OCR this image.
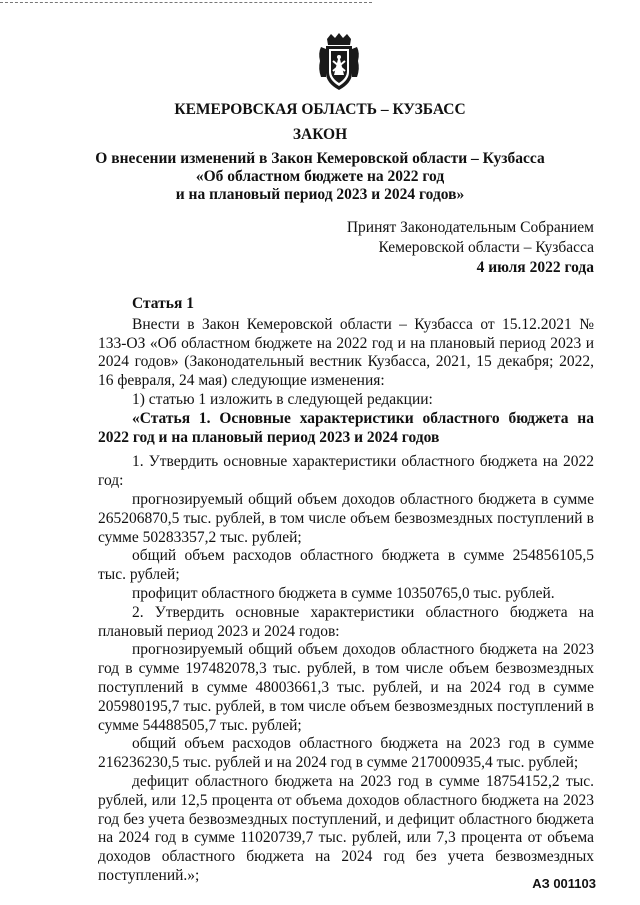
КЕМЕРОВСКАЯ ОБЛАСТЬ – КУЗБАСС
ЗАКОН
О внесении изменений в Закон Кемеровской области – Кузбасса
«Об областном бюджете на 2022 год
и на плановый период 2023 и 2024 годов»
Принят Законодательным Собранием
Кемеровской области – Кузбасса
4 июля 2022 года

Статья 1

Внести в Закон Кемеровской области – Кузбасса от 15.12.2021 № 133-ОЗ «Об областном бюджете на 2022 год и на плановый период 2023 и 2024 годов» (Законодательный вестник Кузбасса, 2021, 15 декабря; 2022, 16 февраля, 24 мая) следующие изменения:

1) статью 1 изложить в следующей редакции:

«Статья 1. Основные характеристики областного бюджета на 2022 год и на плановый период 2023 и 2024 годов

1. Утвердить основные характеристики областного бюджета на 2022 год:

прогнозируемый общий объем доходов областного бюджета в сумме 265206870,5 тыс. рублей, в том числе объем безвозмездных поступлений в сумме 50283357,2 тыс. рублей;

общий объем расходов областного бюджета в сумме 254856105,5 тыс. рублей;

профицит областного бюджета в сумме 10350765,0 тыс. рублей.

2. Утвердить основные характеристики областного бюджета на плановый период 2023 и 2024 годов:

прогнозируемый общий объем доходов областного бюджета на 2023 год в сумме 197482078,3 тыс. рублей, в том числе объем безвозмездных поступлений в сумме 48003661,3 тыс. рублей, и на 2024 год в сумме 205980195,7 тыс. рублей, в том числе объем безвозмездных поступлений в сумме 54488505,7 тыс. рублей;

общий объем расходов областного бюджета на 2023 год в сумме 216236230,5 тыс. рублей и на 2024 год в сумме 217000935,4 тыс. рублей;

дефицит областного бюджета на 2023 год в сумме 18754152,2 тыс. рублей, или 12,5 процента от объема доходов областного бюджета на 2023 год без учета безвозмездных поступлений, и дефицит областного бюджета на 2024 год в сумме 11020739,7 тыс. рублей, или 7,3 процента от объема доходов областного бюджета на 2024 год без учета безвозмездных поступлений.»;	АЗ 001103
